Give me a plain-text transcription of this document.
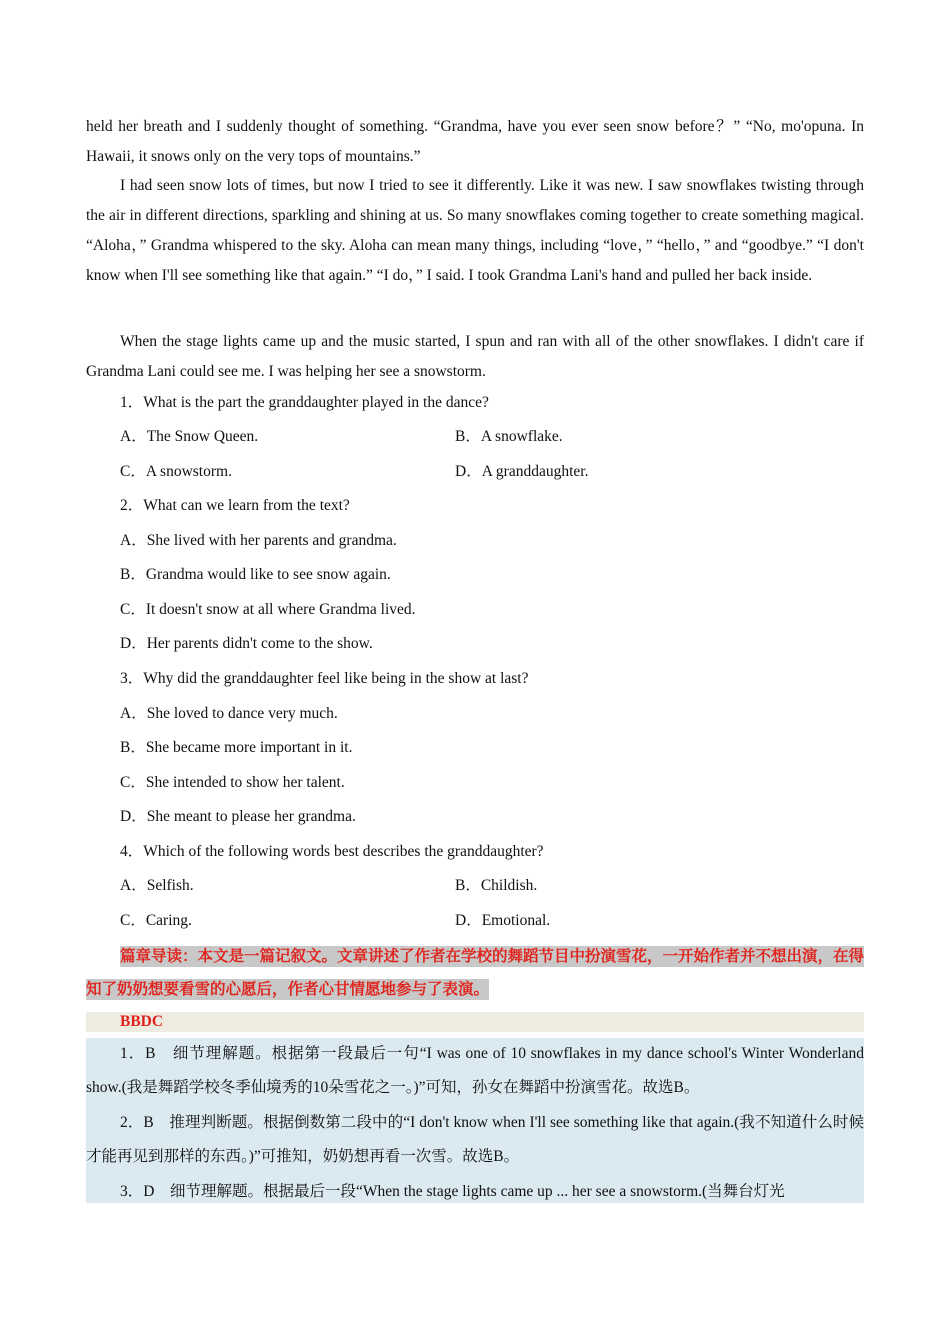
held her breath and I suddenly thought of something. “Grandma, have you ever seen snow before？” “No, mo'opuna. In Hawaii, it snows only on the very tops of mountains.”

I had seen snow lots of times, but now I tried to see it differently. Like it was new. I saw snowflakes twisting through the air in different directions, sparkling and shining at us. So many snowflakes coming together to create something magical. “Aloha，” Grandma whispered to the sky. Aloha can mean many things, including “love，” “hello，” and “goodbye.” “I don't know when I'll see something like that again.” “I do，” I said. I took Grandma Lani's hand and pulled her back inside.

When the stage lights came up and the music started, I spun and ran with all of the other snowflakes. I didn't care if Grandma Lani could see me. I was helping her see a snowstorm.

1．What is the part the granddaughter played in the dance?
A．The Snow Queen.	B．A snowflake.
C．A snowstorm.	D．A granddaughter.
2．What can we learn from the text?
A．She lived with her parents and grandma.
B．Grandma would like to see snow again.
C．It doesn't snow at all where Grandma lived.
D．Her parents didn't come to the show.
3．Why did the granddaughter feel like being in the show at last?
A．She loved to dance very much.
B．She became more important in it.
C．She intended to show her talent.
D．She meant to please her grandma.
4．Which of the following words best describes the granddaughter?
A．Selfish.	B．Childish.
C．Caring.	D．Emotional.

篇章导读：本文是一篇记叙文。文章讲述了作者在学校的舞蹈节目中扮演雪花，一开始作者并不想出演，在得知了奶奶想要看雪的心愿后，作者心甘情愿地参与了表演。

BBDC

1．B　细节理解题。根据第一段最后一句“I was one of 10 snowflakes in my dance school's Winter Wonderland show.(我是舞蹈学校冬季仙境秀的10朵雪花之一。)”可知，孙女在舞蹈中扮演雪花。故选B。

2．B　推理判断题。根据倒数第二段中的“I don't know when I'll see something like that again.(我不知道什么时候才能再见到那样的东西。)”可推知，奶奶想再看一次雪。故选B。

3．D　细节理解题。根据最后一段“When the stage lights came up ... her see a snowstorm.(当舞台灯光
